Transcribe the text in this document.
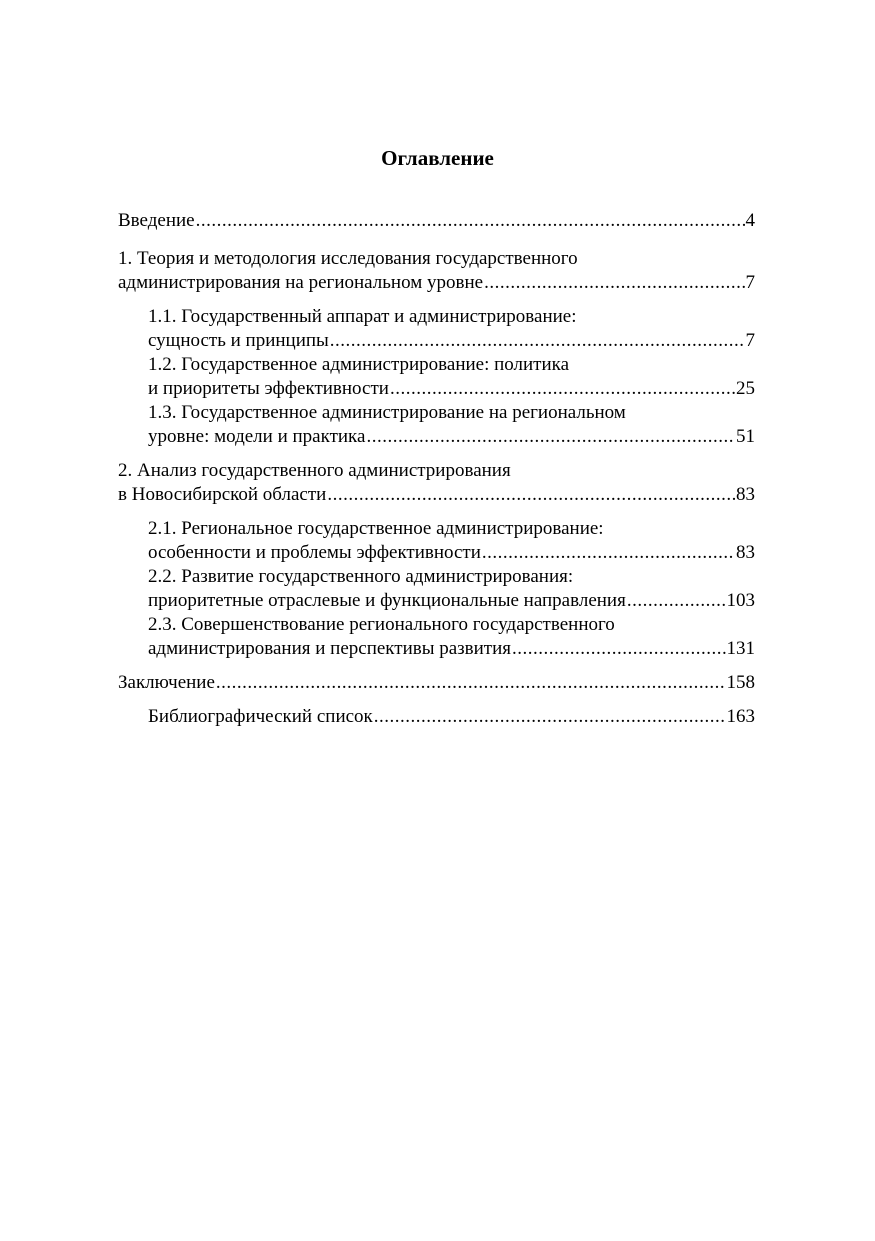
Оглавление
Введение .....	4
1. Теория и методология исследования государственного
администрирования на региональном уровне .....	7
1.1. Государственный аппарат и администрирование:
сущность и принципы .....	7
1.2. Государственное администрирование: политика
и приоритеты эффективности .....	25
1.3. Государственное администрирование на региональном
уровне: модели и практика .....	51
2. Анализ государственного администрирования
в Новосибирской области .....	83
2.1. Региональное государственное администрирование:
особенности и проблемы эффективности .....	83
2.2. Развитие государственного администрирования:
приоритетные отраслевые и функциональные направления .....	103
2.3. Совершенствование регионального государственного
администрирования и перспективы развития .....	131
Заключение .....	158
Библиографический список .....	163
